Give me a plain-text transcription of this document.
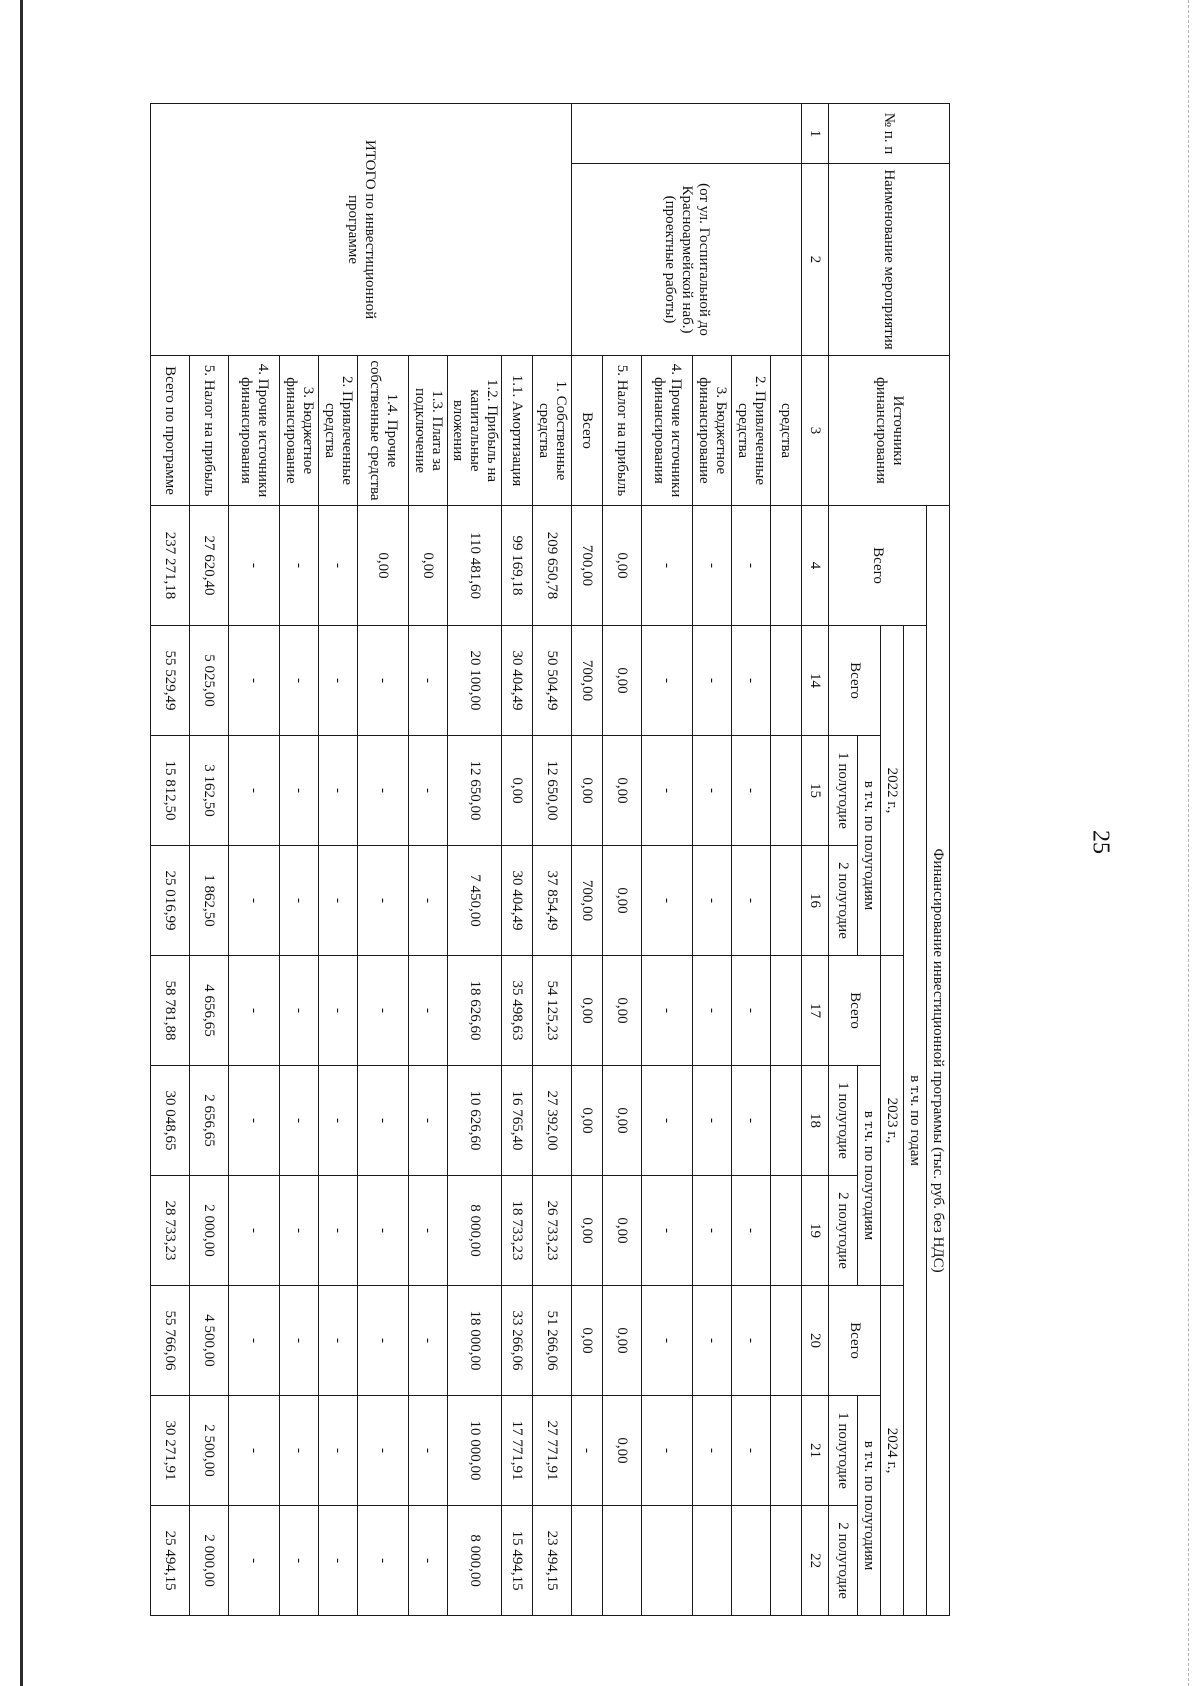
25
№ п. п	Наименование мероприятия	Источники финансирования	Финансирование инвестиционной программы (тыс. руб. без НДС)									
			Всего	в т.ч. по годам								
				2022 г.,			2023 г.,			2024 г.,		
				Всего	в т.ч. по полугодиям		Всего	в т.ч. по полугодиям		Всего	в т.ч. по полугодиям	
					1 полугодие	2 полугодие		1 полугодие	2 полугодие		1 полугодие	2 полугодие
1	2	3	4	14	15	16	17	18	19	20	21	22
	(от ул. Госпитальной до Красноармейской наб.) (проектные работы)	средства										
		2. Привлеченные средства	-	-	-	-	-	-	-	-	-	
		3. Бюджетное финансирование	-	-	-	-	-	-	-	-	-	
		4. Прочие источники финансирования	-	-	-	-	-	-	-	-	-	
		5. Налог на прибыль	0,00	0,00	0,00	0,00	0,00	0,00	0,00	0,00	0,00	
		Всего	700,00	700,00	0,00	700,00	0,00	0,00	0,00	0,00	-	
ИТОГО по инвестиционной программе		1. Собственные средства	209 650,78	50 504,49	12 650,00	37 854,49	54 125,23	27 392,00	26 733,23	51 266,06	27 771,91	23 494,15
		1.1. Амортизация	99 169,18	30 404,49	0,00	30 404,49	35 498,63	16 765,40	18 733,23	33 266,06	17 771,91	15 494,15
		1.2. Прибыль на капитальные вложения	110 481,60	20 100,00	12 650,00	7 450,00	18 626,60	10 626,60	8 000,00	18 000,00	10 000,00	8 000,00
		1.3. Плата за подключение	0,00	-	-	-	-	-	-	-	-	-
		1.4. Прочие собственные средства	0,00	-	-	-	-	-	-	-	-	-
		2. Привлеченные средства	-	-	-	-	-	-	-	-	-	-
		3. Бюджетное финансирование	-	-	-	-	-	-	-	-	-	-
		4. Прочие источники финансирования	-	-	-	-	-	-	-	-	-	-
		5. Налог на прибыль	27 620,40	5 025,00	3 162,50	1 862,50	4 656,65	2 656,65	2 000,00	4 500,00	2 500,00	2 000,00
		Всего по программе	237 271,18	55 529,49	15 812,50	25 016,99	58 781,88	30 048,65	28 733,23	55 766,06	30 271,91	25 494,15
